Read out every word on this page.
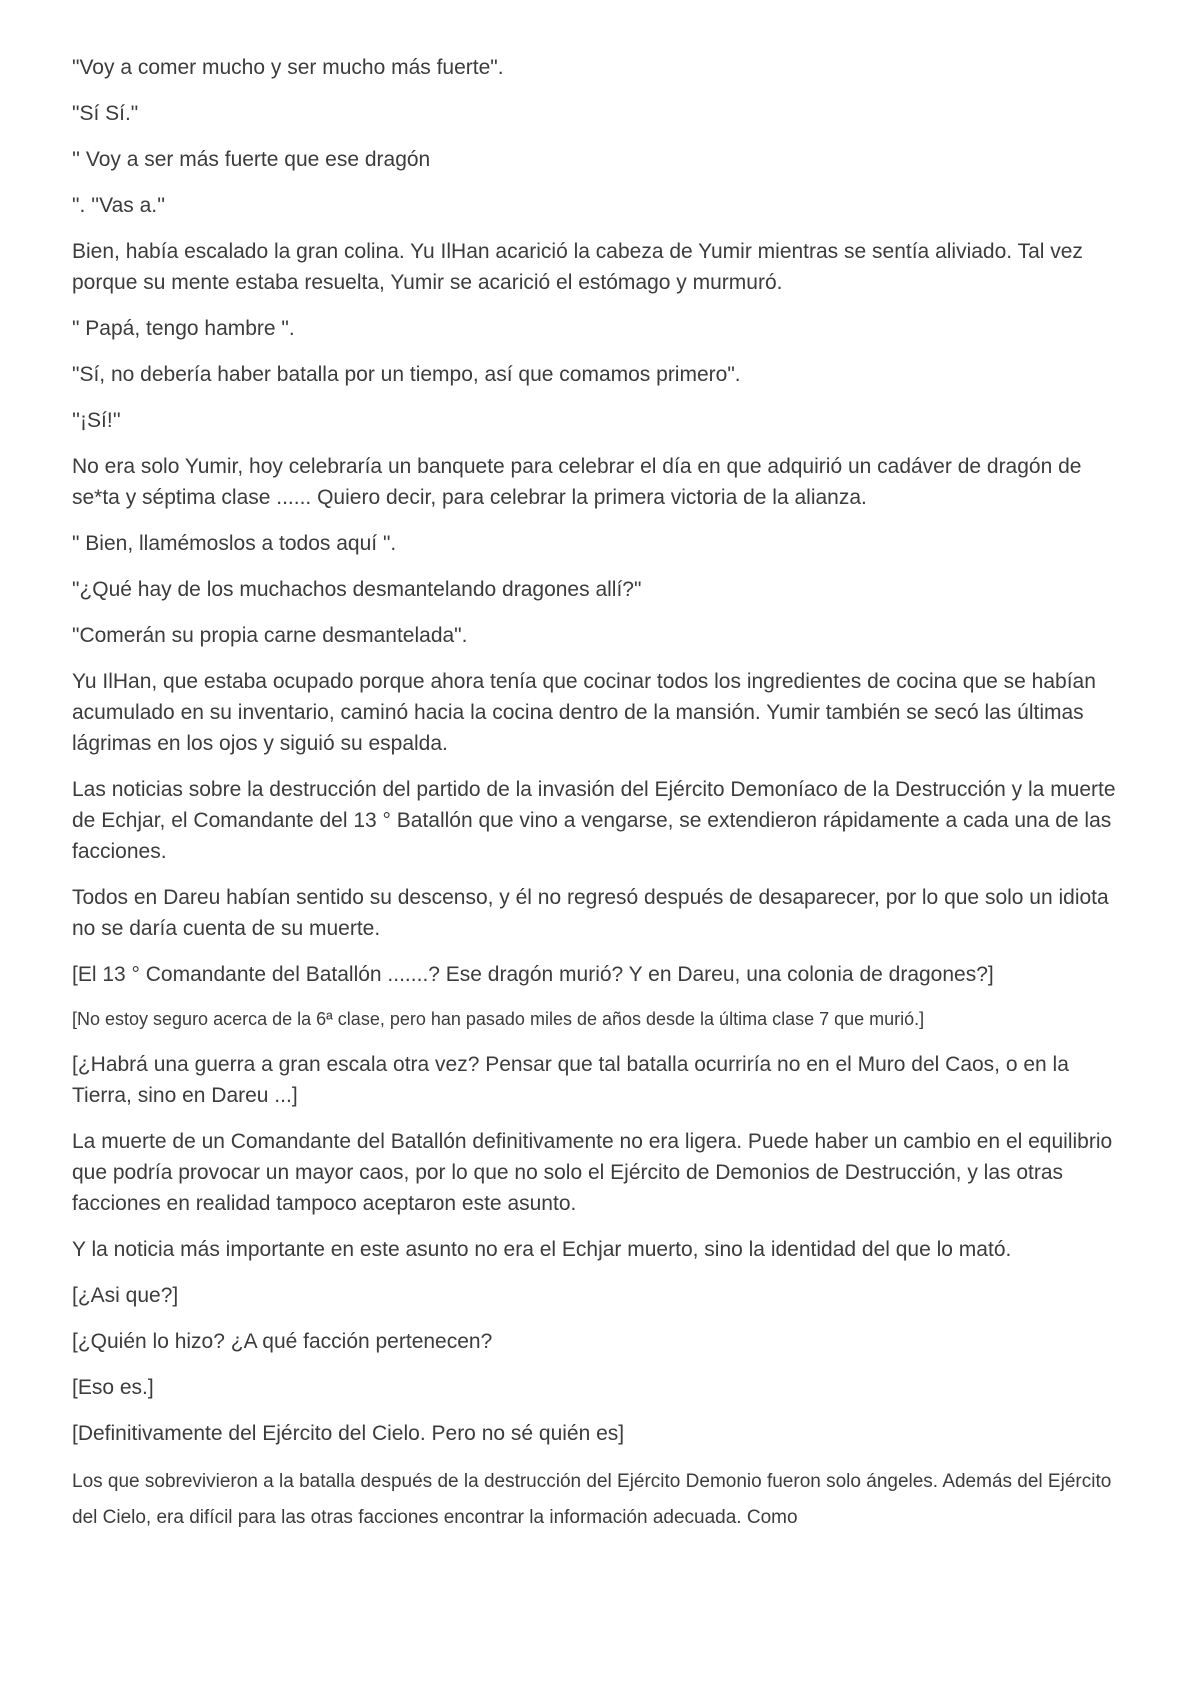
"Voy a comer mucho y ser mucho más fuerte".

"Sí Sí."

'' Voy a ser más fuerte que ese dragón

". ''Vas a.''

Bien, había escalado la gran colina. Yu IlHan acarició la cabeza de Yumir mientras se sentía aliviado. Tal vez porque su mente estaba resuelta, Yumir se acarició el estómago y murmuró.

" Papá, tengo hambre ".

"Sí, no debería haber batalla por un tiempo, así que comamos primero".

''¡Sí!''

No era solo Yumir, hoy celebraría un banquete para celebrar el día en que adquirió un cadáver de dragón de se*ta y séptima clase ...... Quiero decir, para celebrar la primera victoria de la alianza.

" Bien, llamémoslos a todos aquí ".

"¿Qué hay de los muchachos desmantelando dragones allí?"

"Comerán su propia carne desmantelada".

Yu IlHan, que estaba ocupado porque ahora tenía que cocinar todos los ingredientes de cocina que se habían acumulado en su inventario, caminó hacia la cocina dentro de la mansión. Yumir también se secó las últimas lágrimas en los ojos y siguió su espalda.

Las noticias sobre la destrucción del partido de la invasión del Ejército Demoníaco de la Destrucción y la muerte de Echjar, el Comandante del 13 ° Batallón que vino a vengarse, se extendieron rápidamente a cada una de las facciones.

Todos en Dareu habían sentido su descenso, y él no regresó después de desaparecer, por lo que solo un idiota no se daría cuenta de su muerte.

[El 13 ° Comandante del Batallón .......? Ese dragón murió? Y en Dareu, una colonia de dragones?]

[No estoy seguro acerca de la 6ª clase, pero han pasado miles de años desde la última clase 7 que murió.]

[¿Habrá una guerra a gran escala otra vez? Pensar que tal batalla ocurriría no en el Muro del Caos, o en la Tierra, sino en Dareu ...]

La muerte de un Comandante del Batallón definitivamente no era ligera. Puede haber un cambio en el equilibrio que podría provocar un mayor caos, por lo que no solo el Ejército de Demonios de Destrucción, y las otras facciones en realidad tampoco aceptaron este asunto.

Y la noticia más importante en este asunto no era el Echjar muerto, sino la identidad del que lo mató.

[¿Asi que?]

[¿Quién lo hizo? ¿A qué facción pertenecen?

[Eso es.]

[Definitivamente del Ejército del Cielo. Pero no sé quién es]

Los que sobrevivieron a la batalla después de la destrucción del Ejército Demonio fueron solo ángeles. Además del Ejército del Cielo, era difícil para las otras facciones encontrar la información adecuada. Como
